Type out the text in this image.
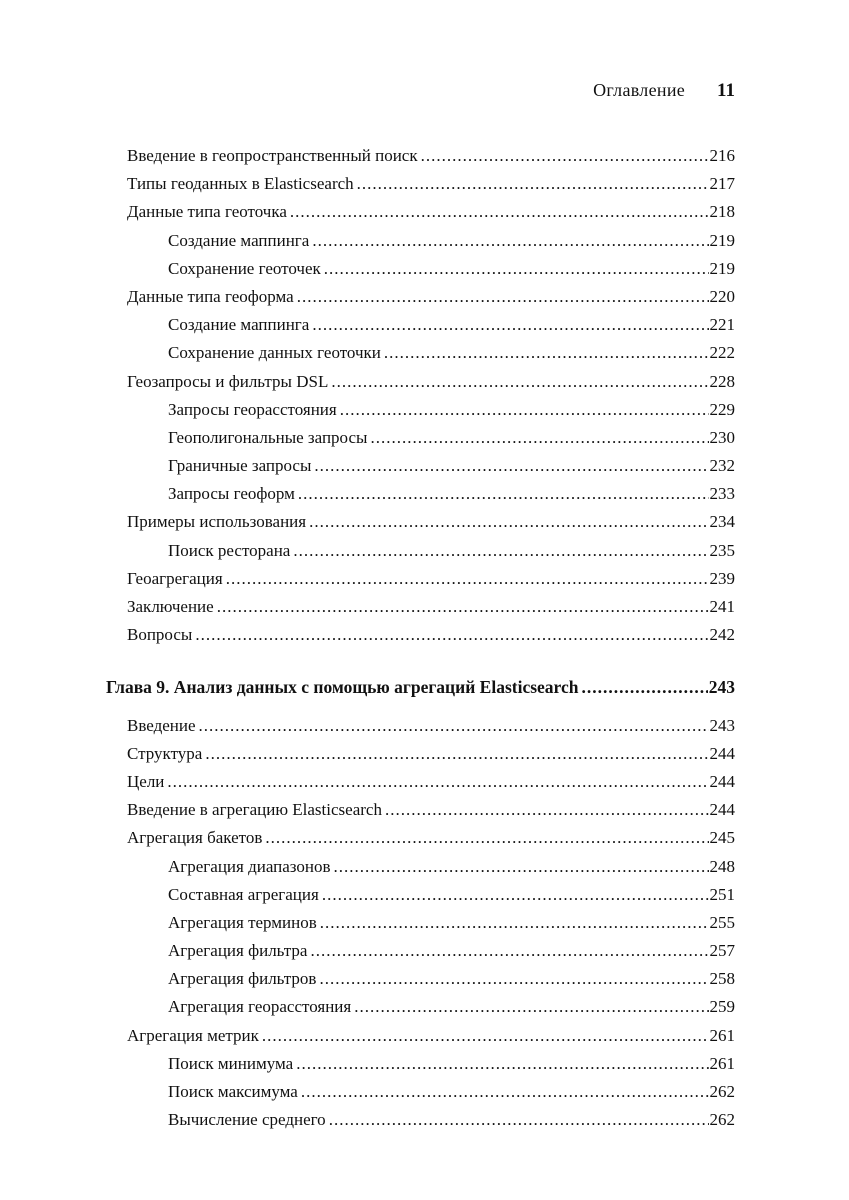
Оглавление 11
Введение в геопространственный поиск .....	216
Типы геоданных в Elasticsearch .....	217
Данные типа геоточка .....	218
Создание маппинга .....	219
Сохранение геоточек .....	219
Данные типа геоформа .....	220
Создание маппинга .....	221
Сохранение данных геоточки .....	222
Геозапросы и фильтры DSL .....	228
Запросы георасстояния .....	229
Геополигональные запросы .....	230
Граничные запросы .....	232
Запросы геоформ .....	233
Примеры использования .....	234
Поиск ресторана .....	235
Геоагрегация .....	239
Заключение .....	241
Вопросы .....	242
Глава 9. Анализ данных с помощью агрегаций Elasticsearch .....	243
Введение .....	243
Структура .....	244
Цели .....	244
Введение в агрегацию Elasticsearch .....	244
Агрегация бакетов .....	245
Агрегация диапазонов .....	248
Составная агрегация .....	251
Агрегация терминов .....	255
Агрегация фильтра .....	257
Агрегация фильтров .....	258
Агрегация георасстояния .....	259
Агрегация метрик .....	261
Поиск минимума .....	261
Поиск максимума .....	262
Вычисление среднего .....	262
